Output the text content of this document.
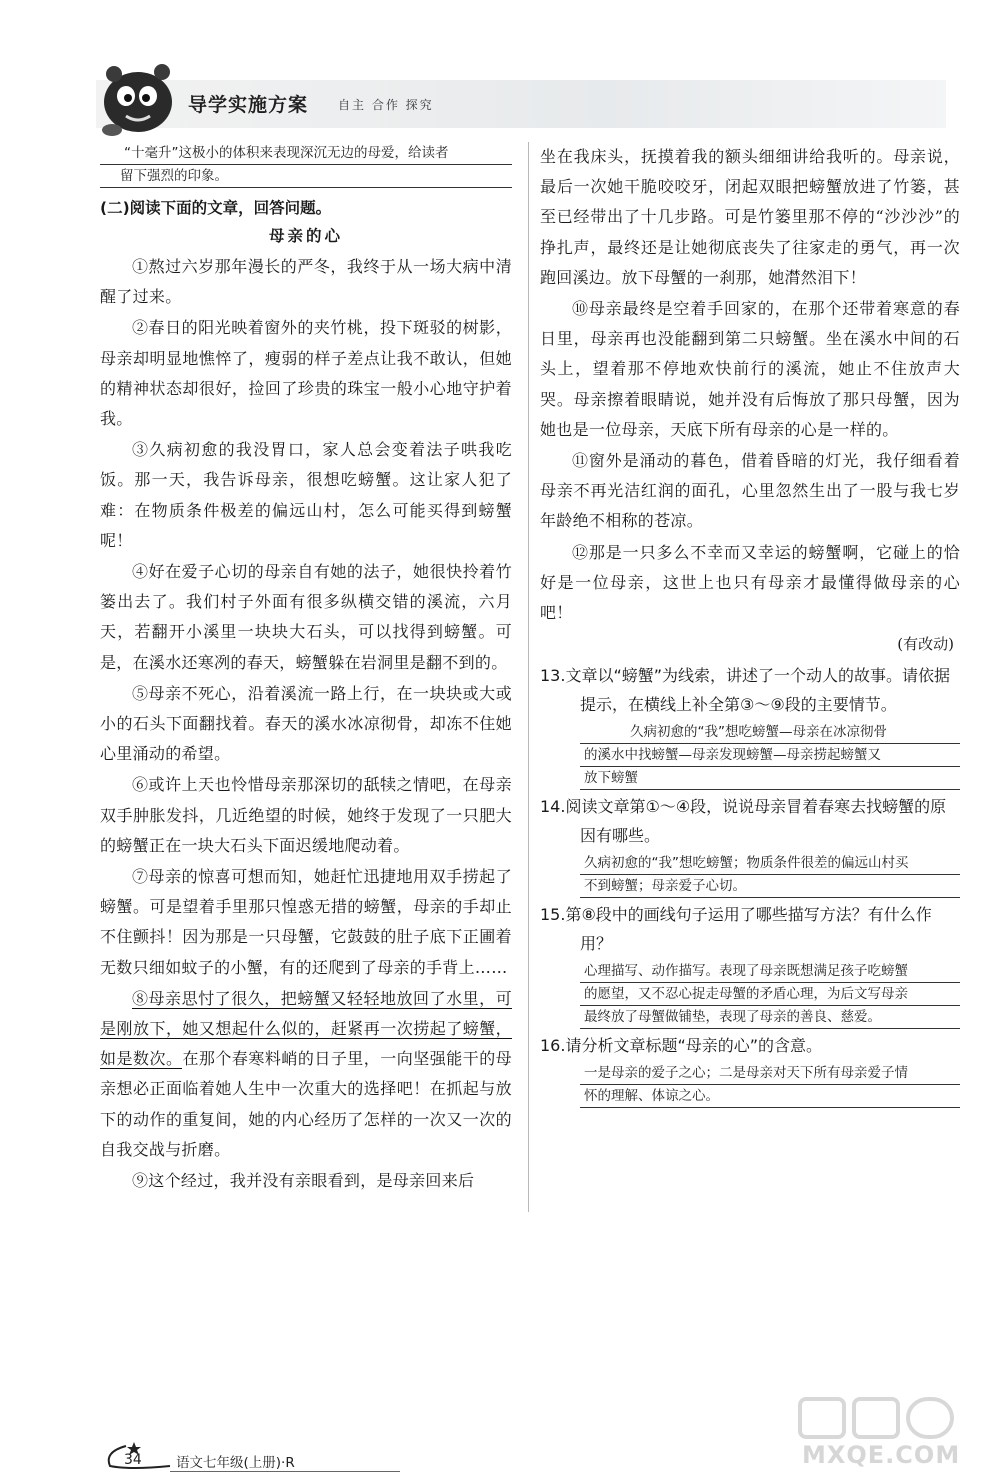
导学实施方案 自主 合作 探究
“十毫升”这极小的体积来表现深沉无边的母爱，给读者
留下强烈的印象。
(二)阅读下面的文章，回答问题。
母亲的心

①熬过六岁那年漫长的严冬，我终于从一场大病中清醒了过来。

②春日的阳光映着窗外的夹竹桃，投下斑驳的树影，母亲却明显地憔悴了，瘦弱的样子差点让我不敢认，但她的精神状态却很好，捡回了珍贵的珠宝一般小心地守护着我。

③久病初愈的我没胃口，家人总会变着法子哄我吃饭。那一天，我告诉母亲，很想吃螃蟹。这让家人犯了难：在物质条件极差的偏远山村，怎么可能买得到螃蟹呢！

④好在爱子心切的母亲自有她的法子，她很快拎着竹篓出去了。我们村子外面有很多纵横交错的溪流，六月天，若翻开小溪里一块块大石头，可以找得到螃蟹。可是，在溪水还寒冽的春天，螃蟹躲在岩洞里是翻不到的。

⑤母亲不死心，沿着溪流一路上行，在一块块或大或小的石头下面翻找着。春天的溪水冰凉彻骨，却冻不住她心里涌动的希望。

⑥或许上天也怜惜母亲那深切的舐犊之情吧，在母亲双手肿胀发抖，几近绝望的时候，她终于发现了一只肥大的螃蟹正在一块大石头下面迟缓地爬动着。

⑦母亲的惊喜可想而知，她赶忙迅捷地用双手捞起了螃蟹。可是望着手里那只惶惑无措的螃蟹，母亲的手却止不住颤抖！因为那是一只母蟹，它鼓鼓的肚子底下正圃着无数只细如蚊子的小蟹，有的还爬到了母亲的手背上……

⑧母亲思忖了很久，把螃蟹又轻轻地放回了水里，可是刚放下，她又想起什么似的，赶紧再一次捞起了螃蟹，如是数次。在那个春寒料峭的日子里，一向坚强能干的母亲想必正面临着她人生中一次重大的选择吧！在抓起与放下的动作的重复间，她的内心经历了怎样的一次又一次的自我交战与折磨。

⑨这个经过，我并没有亲眼看到，是母亲回来后

坐在我床头，抚摸着我的额头细细讲给我听的。母亲说，最后一次她干脆咬咬牙，闭起双眼把螃蟹放进了竹篓，甚至已经带出了十几步路。可是竹篓里那不停的“沙沙沙”的挣扎声，最终还是让她彻底丧失了往家走的勇气，再一次跑回溪边。放下母蟹的一刹那，她潸然泪下！

⑩母亲最终是空着手回家的，在那个还带着寒意的春日里，母亲再也没能翻到第二只螃蟹。坐在溪水中间的石头上，望着那不停地欢快前行的溪流，她止不住放声大哭。母亲擦着眼睛说，她并没有后悔放了那只母蟹，因为她也是一位母亲，天底下所有母亲的心是一样的。

⑪窗外是涌动的暮色，借着昏暗的灯光，我仔细看着母亲不再光洁红润的面孔，心里忽然生出了一股与我七岁年龄绝不相称的苍凉。

⑫那是一只多么不幸而又幸运的螃蟹啊，它碰上的恰好是一位母亲，这世上也只有母亲才最懂得做母亲的心吧！

(有改动)
13.文章以“螃蟹”为线索，讲述了一个动人的故事。请依据提示，在横线上补全第③～⑨段的主要情节。
久病初愈的“我”想吃螃蟹—母亲在冰凉彻骨
的溪水中找螃蟹—母亲发现螃蟹—母亲捞起螃蟹又
放下螃蟹
14.阅读文章第①～④段，说说母亲冒着春寒去找螃蟹的原因有哪些。
久病初愈的“我”想吃螃蟹；物质条件很差的偏远山村买
不到螃蟹；母亲爱子心切。
15.第⑧段中的画线句子运用了哪些描写方法？有什么作用？
心理描写、动作描写。表现了母亲既想满足孩子吃螃蟹
的愿望，又不忍心捉走母蟹的矛盾心理，为后文写母亲
最终放了母蟹做铺垫，表现了母亲的善良、慈爱。
16.请分析文章标题“母亲的心”的含意。
一是母亲的爱子之心；二是母亲对天下所有母亲爱子情
怀的理解、体谅之心。
34	语文七年级(上册)·R	MXQE.COM
